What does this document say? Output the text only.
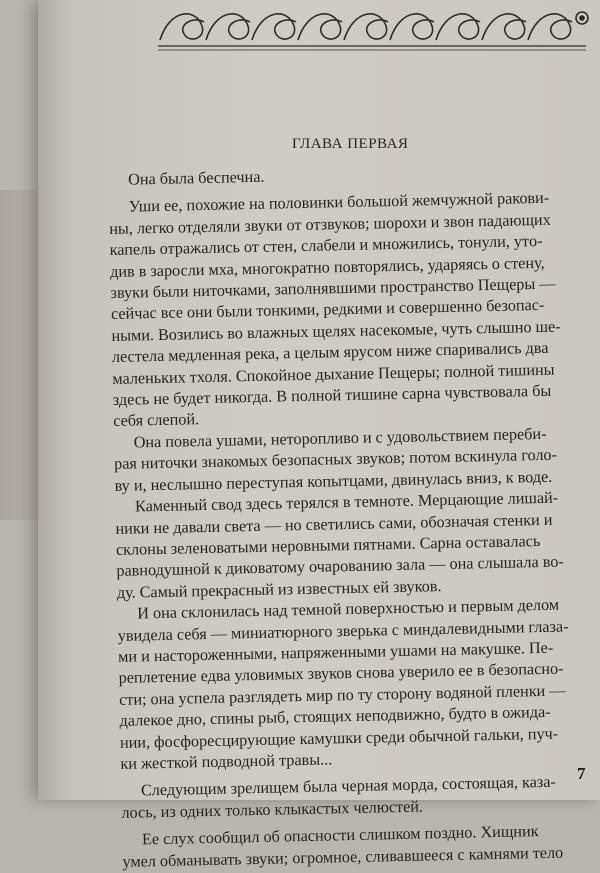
ГЛАВА ПЕРВАЯ

Она была беспечна.

Уши ее, похожие на половинки большой жемчужной ракови-
ны, легко отделяли звуки от отзвуков; шорохи и звон падающих
капель отражались от стен, слабели и множились, тонули, утo-
див в заросли мха, многократно повторялись, ударяясь о стену,
звуки были ниточками, заполнявшими пространство Пещеры —
сейчас все они были тонкими, редкими и совершенно безопас-
ными. Возились во влажных щелях насекомые, чуть слышно ше-
лестела медленная река, а целым ярусом ниже спаривались два
маленьких тхоля. Спокойное дыхание Пещеры; полной тишины
здесь не будет никогда. В полной тишине сарна чувствовала бы
себя слепой.

Она повела ушами, неторопливо и с удовольствием переби-
рая ниточки знакомых безопасных звуков; потом вскинула голо-
ву и, неслышно переступая копытцами, двинулась вниз, к воде.

Каменный свод здесь терялся в темноте. Мерцающие лишай-
ники не давали света — но светились сами, обозначая стенки и
склоны зеленоватыми неровными пятнами. Сарна оставалась
равнодушной к диковатому очарованию зала — она слышала во-
ду. Самый прекрасный из известных ей звуков.

И она склонилась над темной поверхностью и первым делом
увидела себя — миниатюрного зверька с миндалевидными глаза-
ми и настороженными, напряженными ушами на макушке. Пе-
реплетение едва уловимых звуков снова уверило ее в безопасно-
сти; она успела разглядеть мир по ту сторону водяной пленки —
далекое дно, спины рыб, стоящих неподвижно, будто в ожида-
нии, фосфоресцирующие камушки среди обычной гальки, пуч-
ки жесткой подводной травы...

Следующим зрелищем была черная морда, состоящая, каза-
лось, из одних только клыкастых челюстей.

Ее слух сообщил об опасности слишком поздно. Хищник
умел обманывать звуки; огромное, сливавшееся с камнями тело

7
